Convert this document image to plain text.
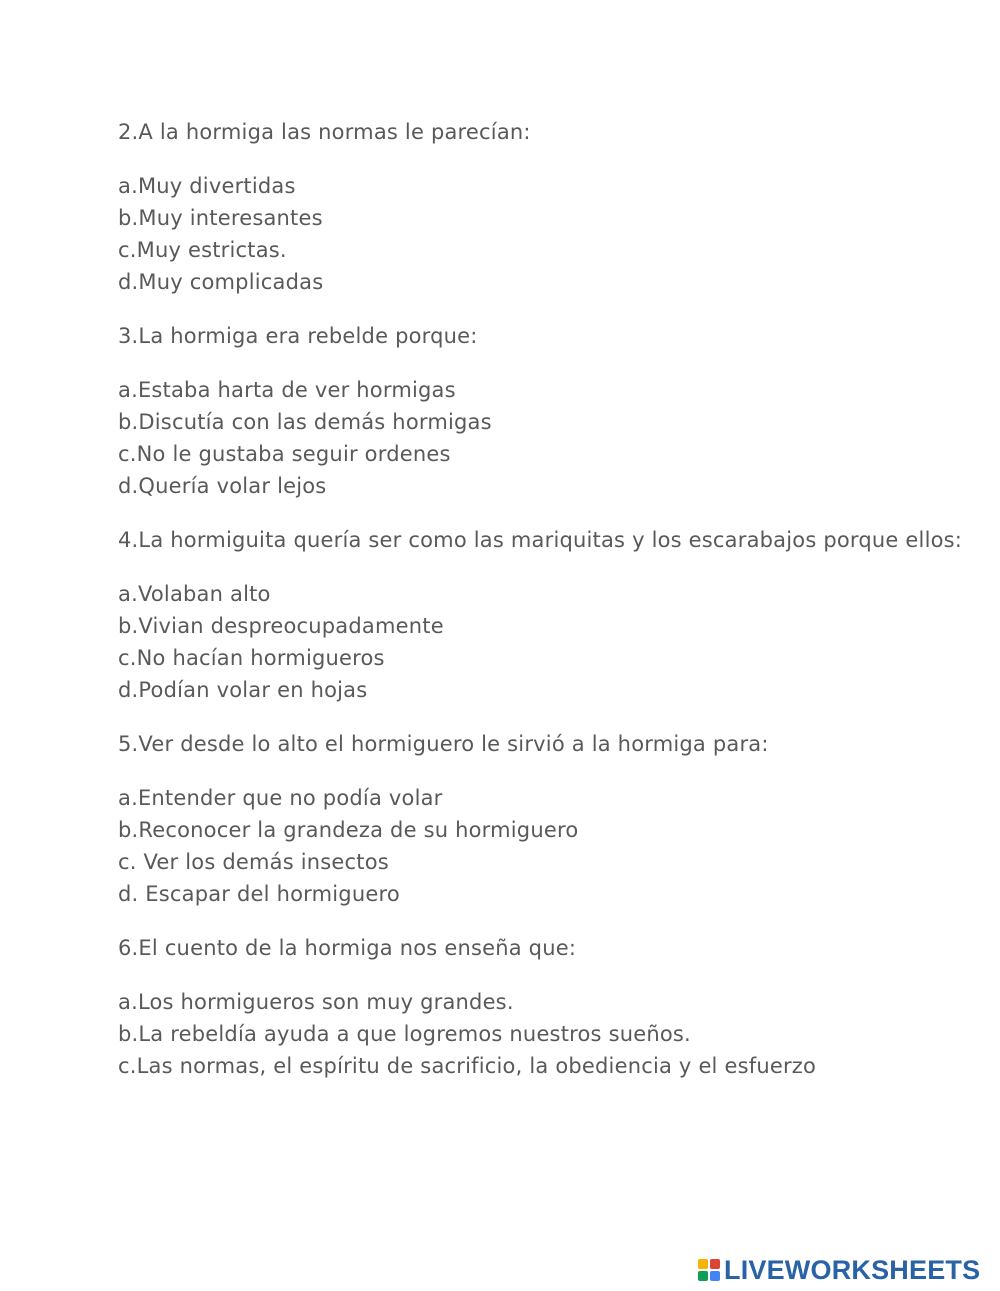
2.A la hormiga las normas le parecían:

a.Muy divertidas
b.Muy interesantes
c.Muy estrictas.
d.Muy complicadas

3.La hormiga era rebelde porque:

a.Estaba harta de ver hormigas
b.Discutía con las demás hormigas
c.No le gustaba seguir ordenes
d.Quería volar lejos

4.La hormiguita quería ser como las mariquitas y los escarabajos porque ellos:

a.Volaban alto
b.Vivian despreocupadamente
c.No hacían hormigueros
d.Podían volar en hojas

5.Ver desde lo alto el hormiguero le sirvió a la hormiga para:

a.Entender que no podía volar
b.Reconocer la grandeza de su hormiguero
c. Ver los demás insectos
d. Escapar del hormiguero

6.El cuento de la hormiga nos enseña que:

a.Los hormigueros son muy grandes.
b.La rebeldía ayuda a que logremos nuestros sueños.
c.Las normas, el espíritu de sacrificio, la obediencia y el esfuerzo
LIVEWORKSHEETS
